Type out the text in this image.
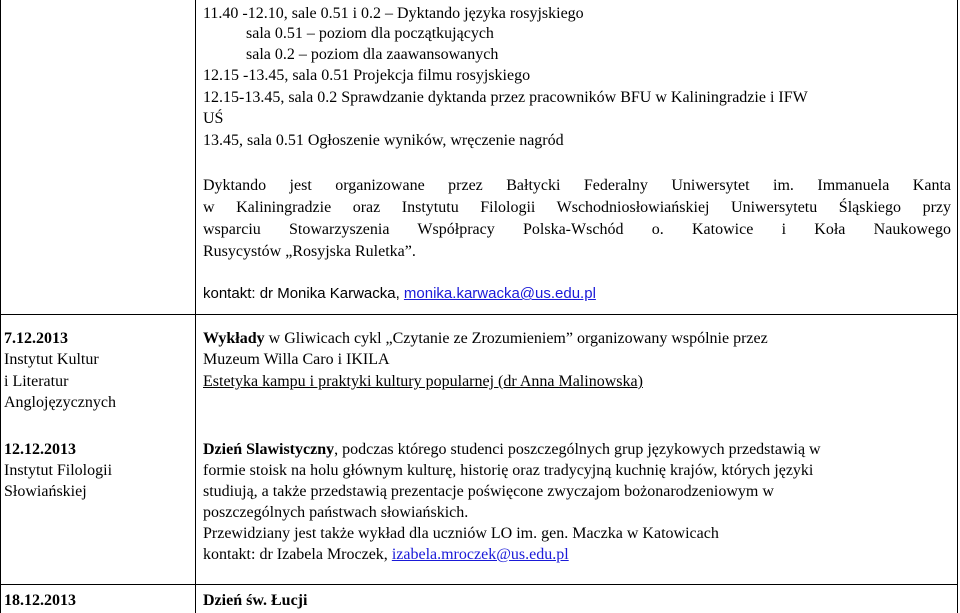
11.40 -12.10, sale 0.51 i 0.2 – Dyktando języka rosyjskiego
sala 0.51 – poziom dla początkujących
sala 0.2 – poziom dla zaawansowanych
12.15 -13.45, sala 0.51 Projekcja filmu rosyjskiego
12.15-13.45, sala 0.2 Sprawdzanie dyktanda przez pracowników BFU w Kaliningradzie i IFW
UŚ
13.45, sala 0.51 Ogłoszenie wyników, wręczenie nagród
Dyktando jest organizowane przez Bałtycki Federalny Uniwersytet im. Immanuela Kanta
w Kaliningradzie oraz Instytutu Filologii Wschodniosłowiańskiej Uniwersytetu Śląskiego przy
wsparciu Stowarzyszenia Współpracy Polska-Wschód o. Katowice i Koła Naukowego
Rusycystów „Rosyjska Ruletka”.
kontakt: dr Monika Karwacka, monika.karwacka@us.edu.pl
7.12.2013
Instytut Kultur
i Literatur
Anglojęzycznych
Wykłady w Gliwicach cykl „Czytanie ze Zrozumieniem” organizowany wspólnie przez
Muzeum Willa Caro i IKILA
Estetyka kampu i praktyki kultury popularnej (dr Anna Malinowska)
12.12.2013
Instytut Filologii
Słowiańskiej
Dzień Slawistyczny, podczas którego studenci poszczególnych grup językowych przedstawią w
formie stoisk na holu głównym kulturę, historię oraz tradycyjną kuchnię krajów, których języki
studiują, a także przedstawią prezentacje poświęcone zwyczajom bożonarodzeniowym w
poszczególnych państwach słowiańskich.
Przewidziany jest także wykład dla uczniów LO im. gen. Maczka w Katowicach
kontakt: dr Izabela Mroczek, izabela.mroczek@us.edu.pl
18.12.2013	Dzień św. Łucji
